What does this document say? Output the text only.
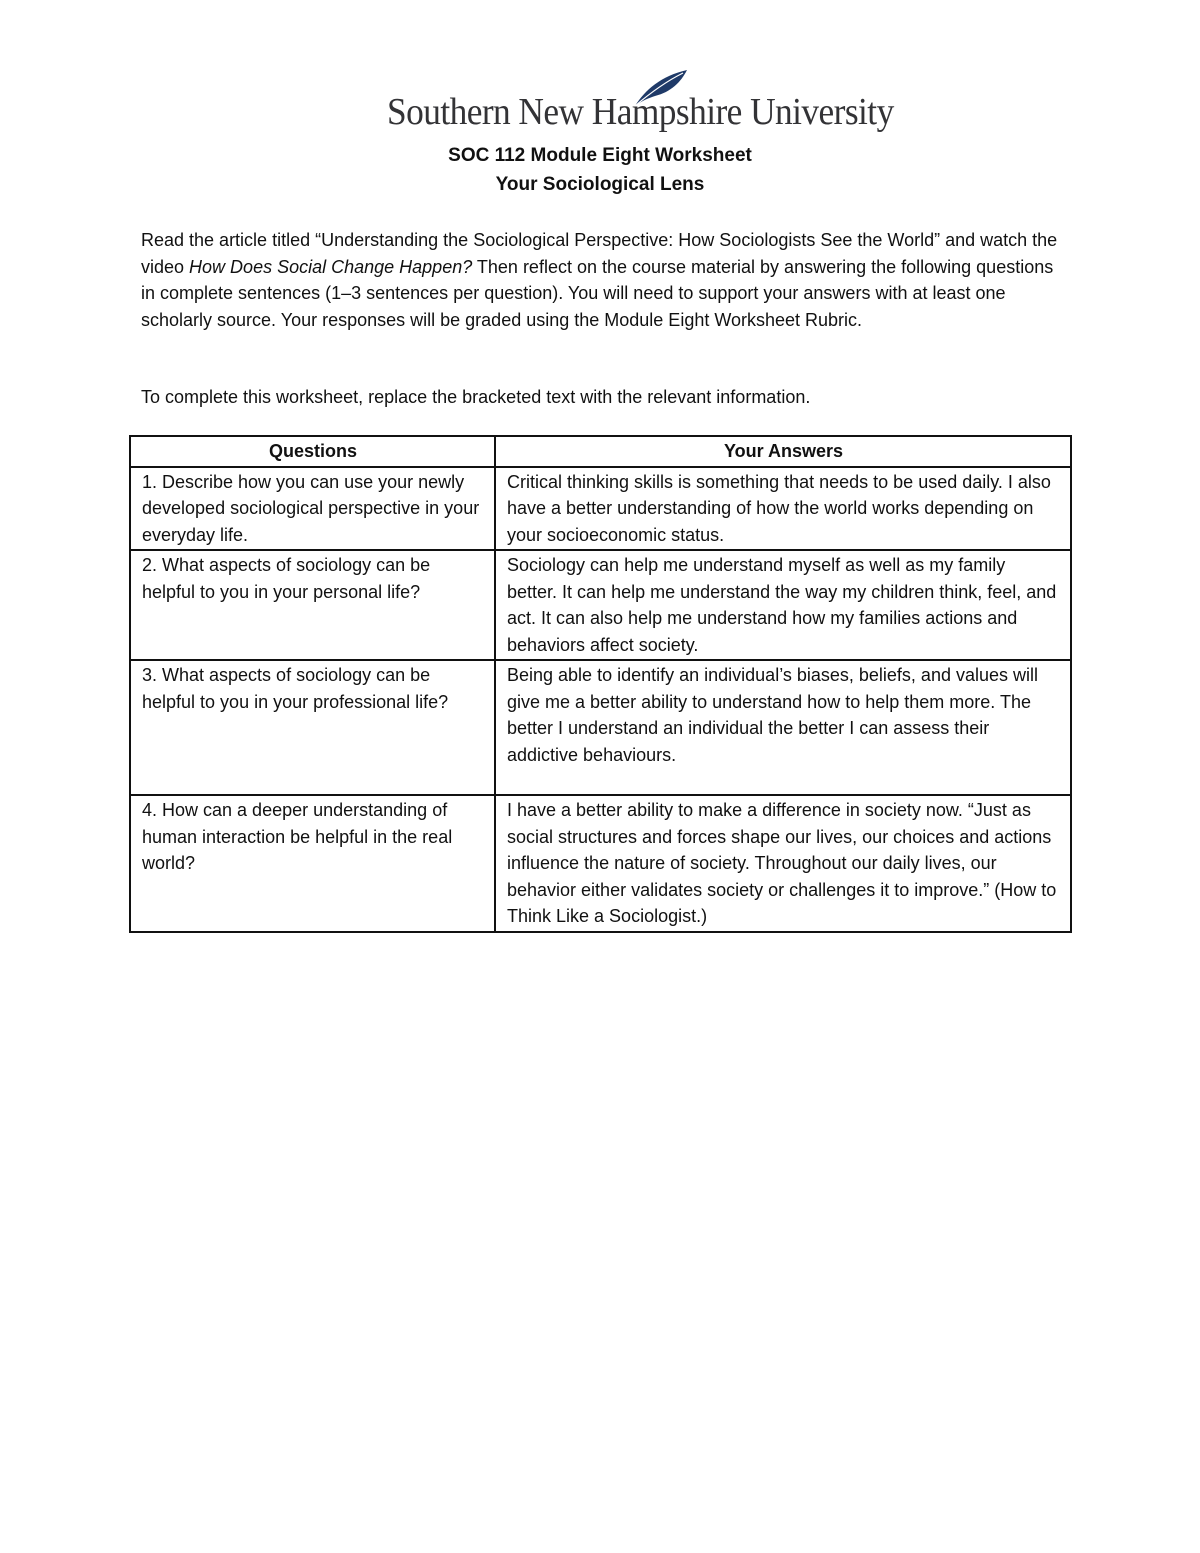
Southern New Hampshire University
SOC 112 Module Eight Worksheet
Your Sociological Lens

Read the article titled “Understanding the Sociological Perspective: How Sociologists See the World” and watch the video How Does Social Change Happen? Then reflect on the course material by answering the following questions in complete sentences (1–3 sentences per question). You will need to support your answers with at least one scholarly source. Your responses will be graded using the Module Eight Worksheet Rubric.

To complete this worksheet, replace the bracketed text with the relevant information.

Questions	Your Answers
1. Describe how you can use your newly developed sociological perspective in your everyday life.	Critical thinking skills is something that needs to be used daily. I also have a better understanding of how the world works depending on your socioeconomic status.
2. What aspects of sociology can be helpful to you in your personal life?	Sociology can help me understand myself as well as my family better. It can help me understand the way my children think, feel, and act. It can also help me understand how my families actions and behaviors affect society.
3. What aspects of sociology can be helpful to you in your professional life?	Being able to identify an individual’s biases, beliefs, and values will give me a better ability to understand how to help them more. The better I understand an individual the better I can assess their addictive behaviours.
4. How can a deeper understanding of human interaction be helpful in the real world?	I have a better ability to make a difference in society now. “Just as social structures and forces shape our lives, our choices and actions influence the nature of society. Throughout our daily lives, our behavior either validates society or challenges it to improve.” (How to Think Like a Sociologist.)
